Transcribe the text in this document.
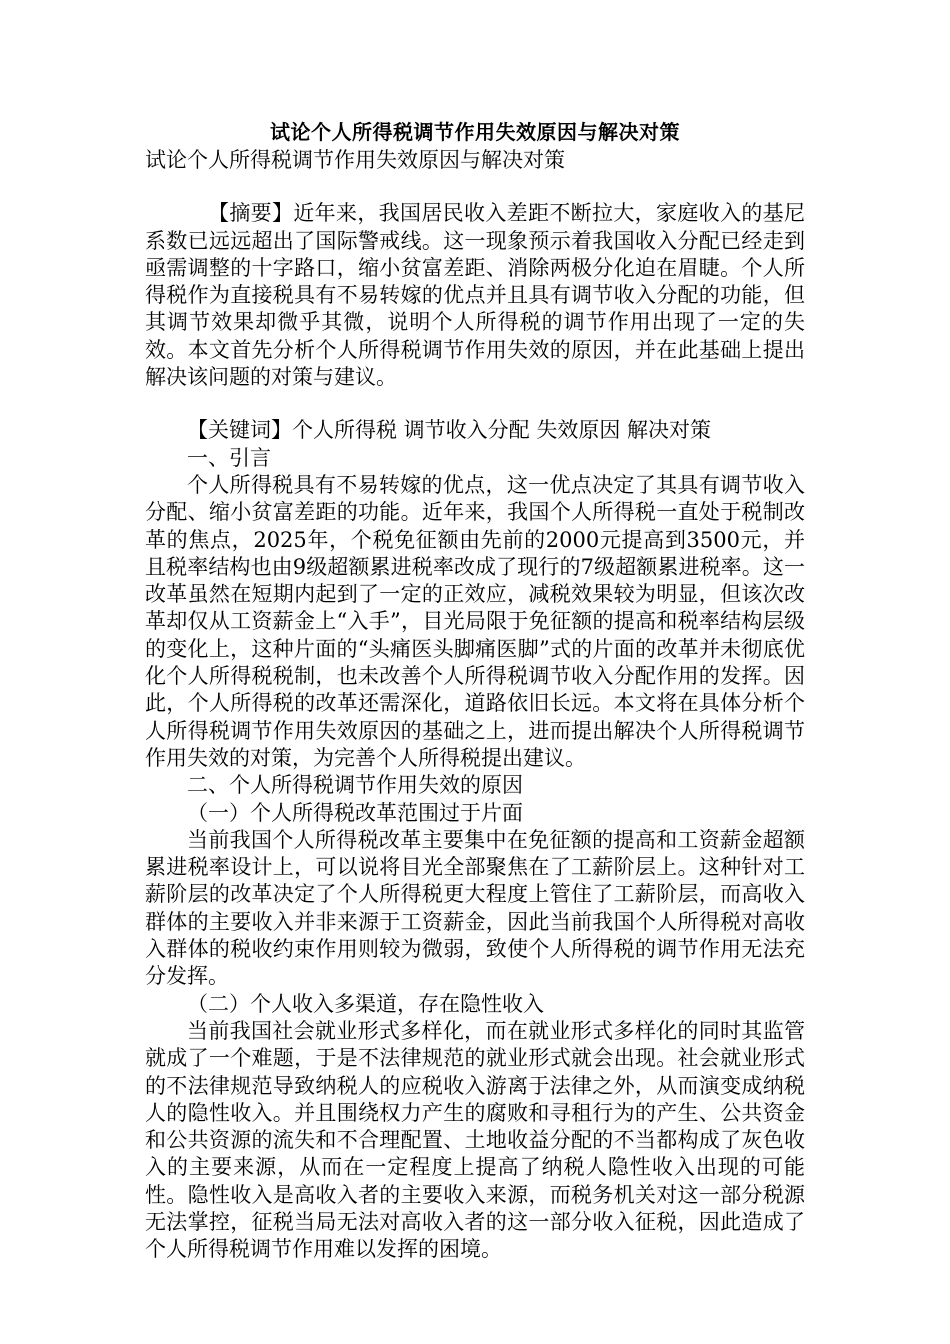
试论个人所得税调节作用失效原因与解决对策

试论个人所得税调节作用失效原因与解决对策

【摘要】近年来，我国居民收入差距不断拉大，家庭收入的基尼系数已远远超出了国际警戒线。这一现象预示着我国收入分配已经走到亟需调整的十字路口，缩小贫富差距、消除两极分化迫在眉睫。个人所得税作为直接税具有不易转嫁的优点并且具有调节收入分配的功能，但其调节效果却微乎其微，说明个人所得税的调节作用出现了一定的失效。本文首先分析个人所得税调节作用失效的原因，并在此基础上提出解决该问题的对策与建议。

【关键词】个人所得税 调节收入分配 失效原因 解决对策

一、引言

个人所得税具有不易转嫁的优点，这一优点决定了其具有调节收入分配、缩小贫富差距的功能。近年来，我国个人所得税一直处于税制改革的焦点，2025年，个税免征额由先前的2000元提高到3500元，并且税率结构也由9级超额累进税率改成了现行的7级超额累进税率。这一改革虽然在短期内起到了一定的正效应，减税效果较为明显，但该次改革却仅从工资薪金上“入手”，目光局限于免征额的提高和税率结构层级的变化上，这种片面的“头痛医头脚痛医脚”式的片面的改革并未彻底优化个人所得税税制，也未改善个人所得税调节收入分配作用的发挥。因此，个人所得税的改革还需深化，道路依旧长远。本文将在具体分析个人所得税调节作用失效原因的基础之上，进而提出解决个人所得税调节作用失效的对策，为完善个人所得税提出建议。

二、个人所得税调节作用失效的原因

（一）个人所得税改革范围过于片面

当前我国个人所得税改革主要集中在免征额的提高和工资薪金超额累进税率设计上，可以说将目光全部聚焦在了工薪阶层上。这种针对工薪阶层的改革决定了个人所得税更大程度上管住了工薪阶层，而高收入群体的主要收入并非来源于工资薪金，因此当前我国个人所得税对高收入群体的税收约束作用则较为微弱，致使个人所得税的调节作用无法充分发挥。

（二）个人收入多渠道，存在隐性收入

当前我国社会就业形式多样化，而在就业形式多样化的同时其监管就成了一个难题，于是不法律规范的就业形式就会出现。社会就业形式的不法律规范导致纳税人的应税收入游离于法律之外，从而演变成纳税人的隐性收入。并且围绕权力产生的腐败和寻租行为的产生、公共资金和公共资源的流失和不合理配置、土地收益分配的不当都构成了灰色收入的主要来源，从而在一定程度上提高了纳税人隐性收入出现的可能性。隐性收入是高收入者的主要收入来源，而税务机关对这一部分税源无法掌控，征税当局无法对高收入者的这一部分收入征税，因此造成了个人所得税调节作用难以发挥的困境。
